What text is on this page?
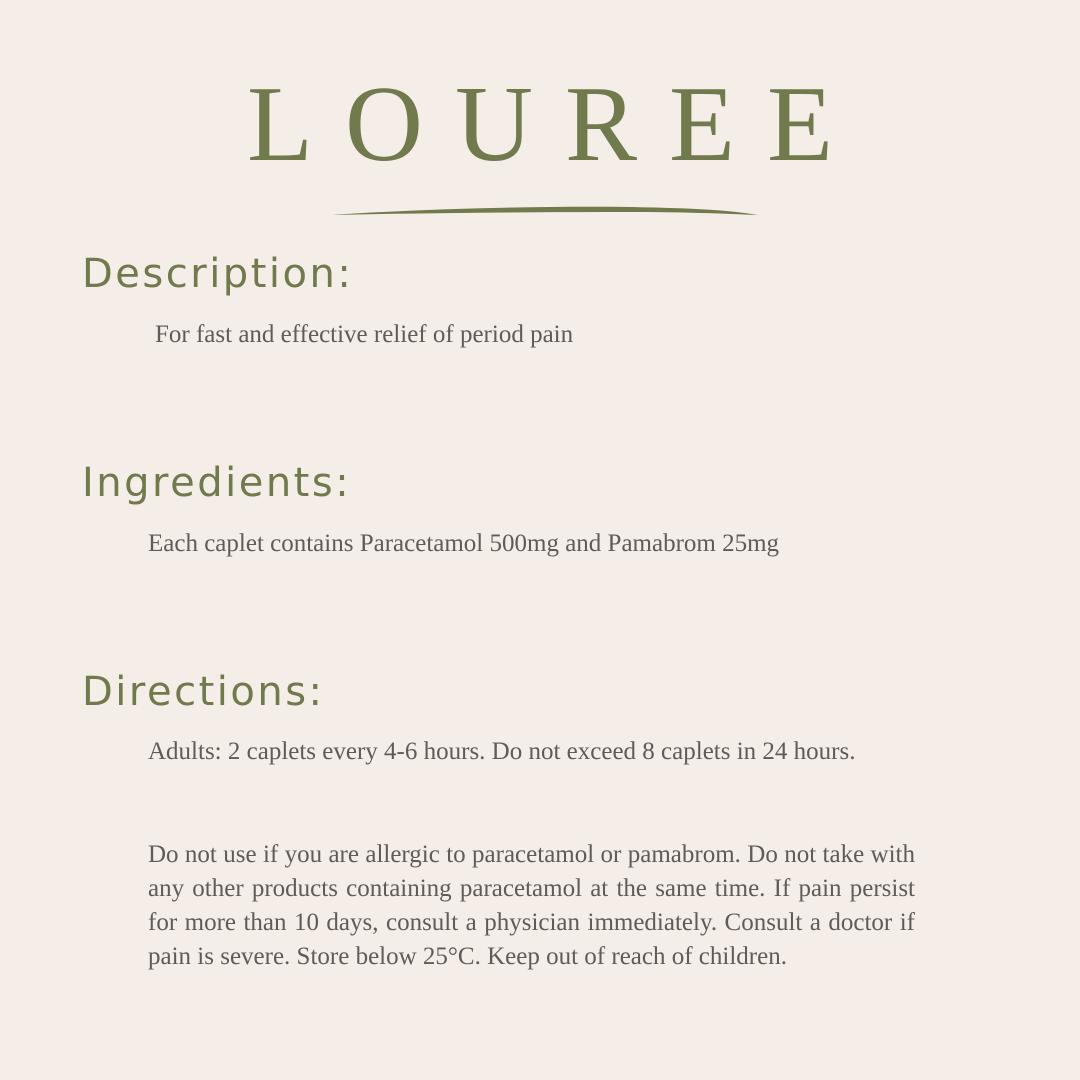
LOUREE
Description:

For fast and effective relief of period pain

Ingredients:

Each caplet contains Paracetamol 500mg and Pamabrom 25mg

Directions:

Adults: 2 caplets every 4-6 hours. Do not exceed 8 caplets in 24 hours.

Do not use if you are allergic to paracetamol or pamabrom. Do not take with any other products containing paracetamol at the same time. If pain persist for more than 10 days, consult a physician immediately. Consult a doctor if pain is severe. Store below 25°C. Keep out of reach of children.
